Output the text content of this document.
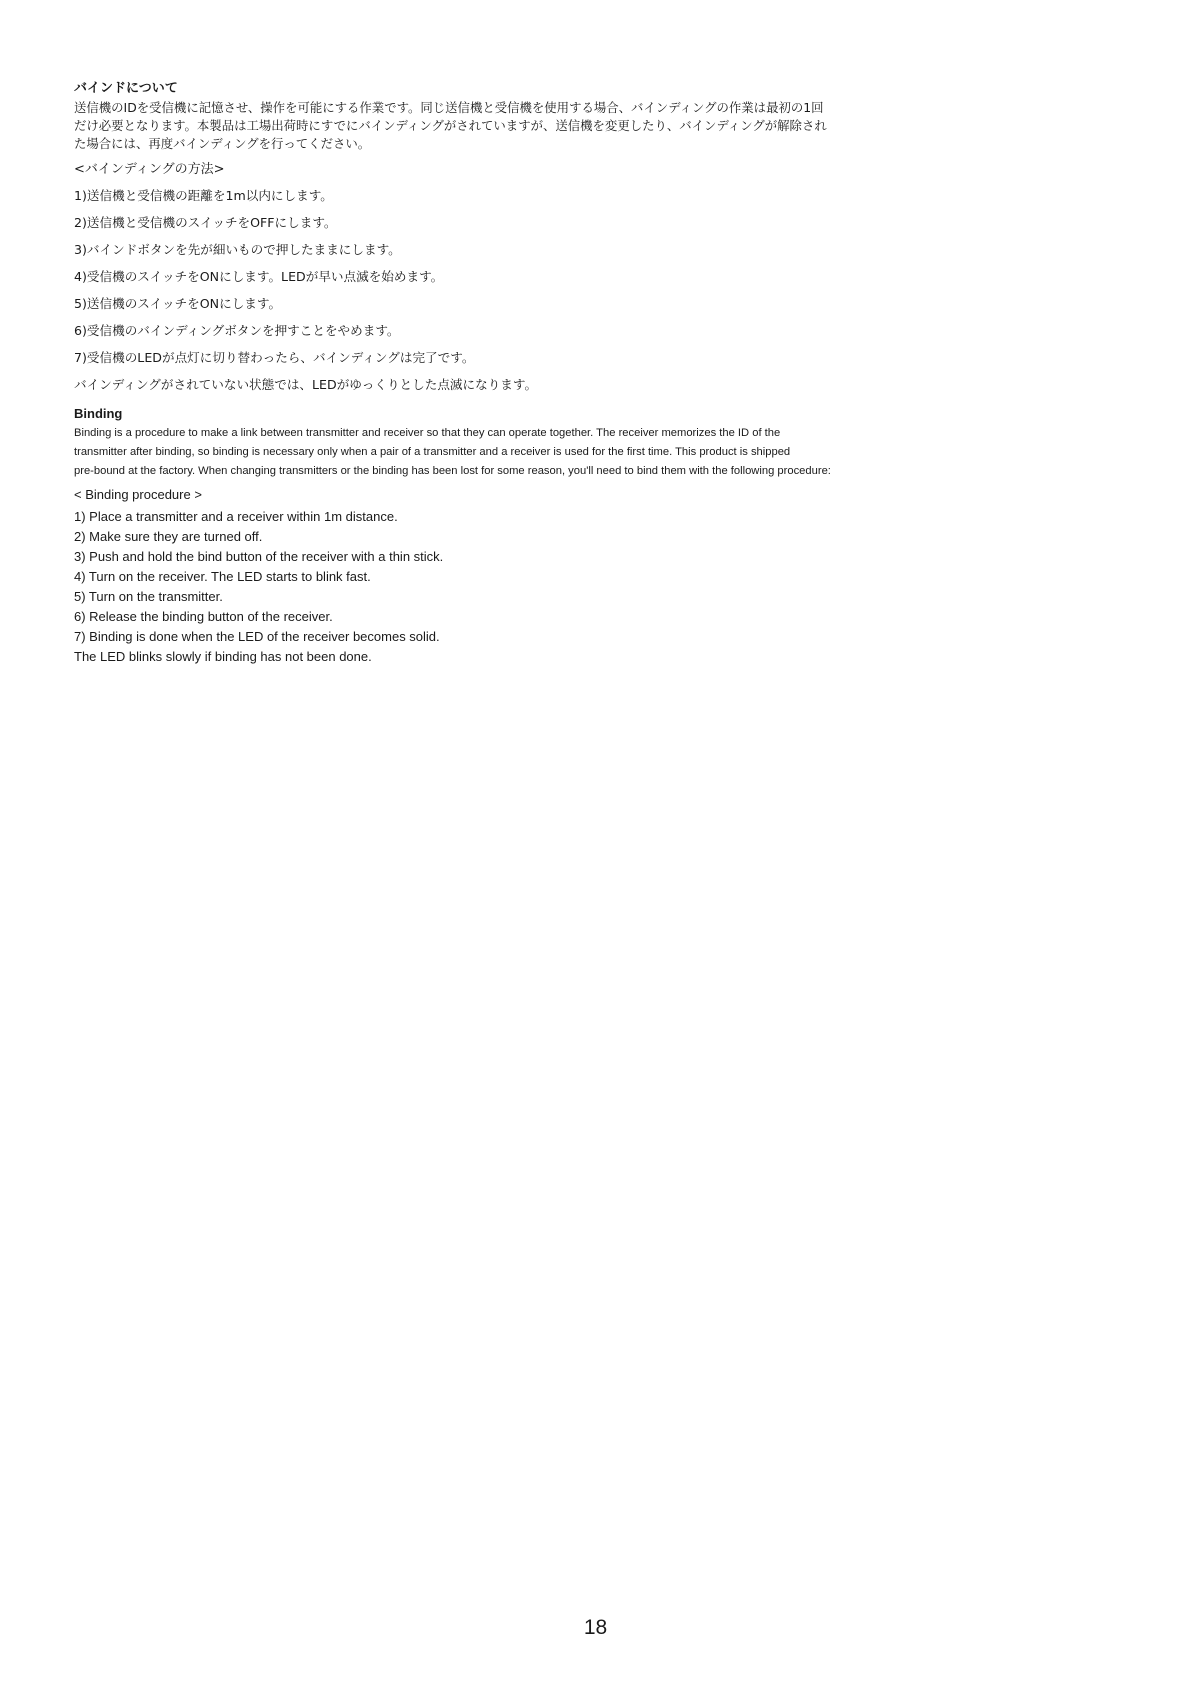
バインドについて

送信機のIDを受信機に記憶させ、操作を可能にする作業です。同じ送信機と受信機を使用する場合、バインディングの作業は最初の1回

だけ必要となります。本製品は工場出荷時にすでにバインディングがされていますが、送信機を変更したり、バインディングが解除され

た場合には、再度バインディングを行ってください。

<バインディングの方法>

1)送信機と受信機の距離を1m以内にします。

2)送信機と受信機のスイッチをOFFにします。

3)バインドボタンを先が細いもので押したままにします。

4)受信機のスイッチをONにします。LEDが早い点滅を始めます。

5)送信機のスイッチをONにします。

6)受信機のバインディングボタンを押すことをやめます。

7)受信機のLEDが点灯に切り替わったら、バインディングは完了です。

バインディングがされていない状態では、LEDがゆっくりとした点滅になります。

Binding

Binding is a procedure to make a link between transmitter and receiver so that they can operate together. The receiver memorizes the ID of the

transmitter after binding, so binding is necessary only when a pair of a transmitter and a receiver is used for the first time. This product is shipped

pre-bound at the factory. When changing transmitters or the binding has been lost for some reason, you'll need to bind them with the following procedure:

< Binding procedure >

1) Place a transmitter and a receiver within 1m distance.

2) Make sure they are turned off.

3) Push and hold the bind button of the receiver with a thin stick.

4) Turn on the receiver. The LED starts to blink fast.

5) Turn on the transmitter.

6) Release the binding button of the receiver.

7) Binding is done when the LED of the receiver becomes solid.

The LED blinks slowly if binding has not been done.

18
